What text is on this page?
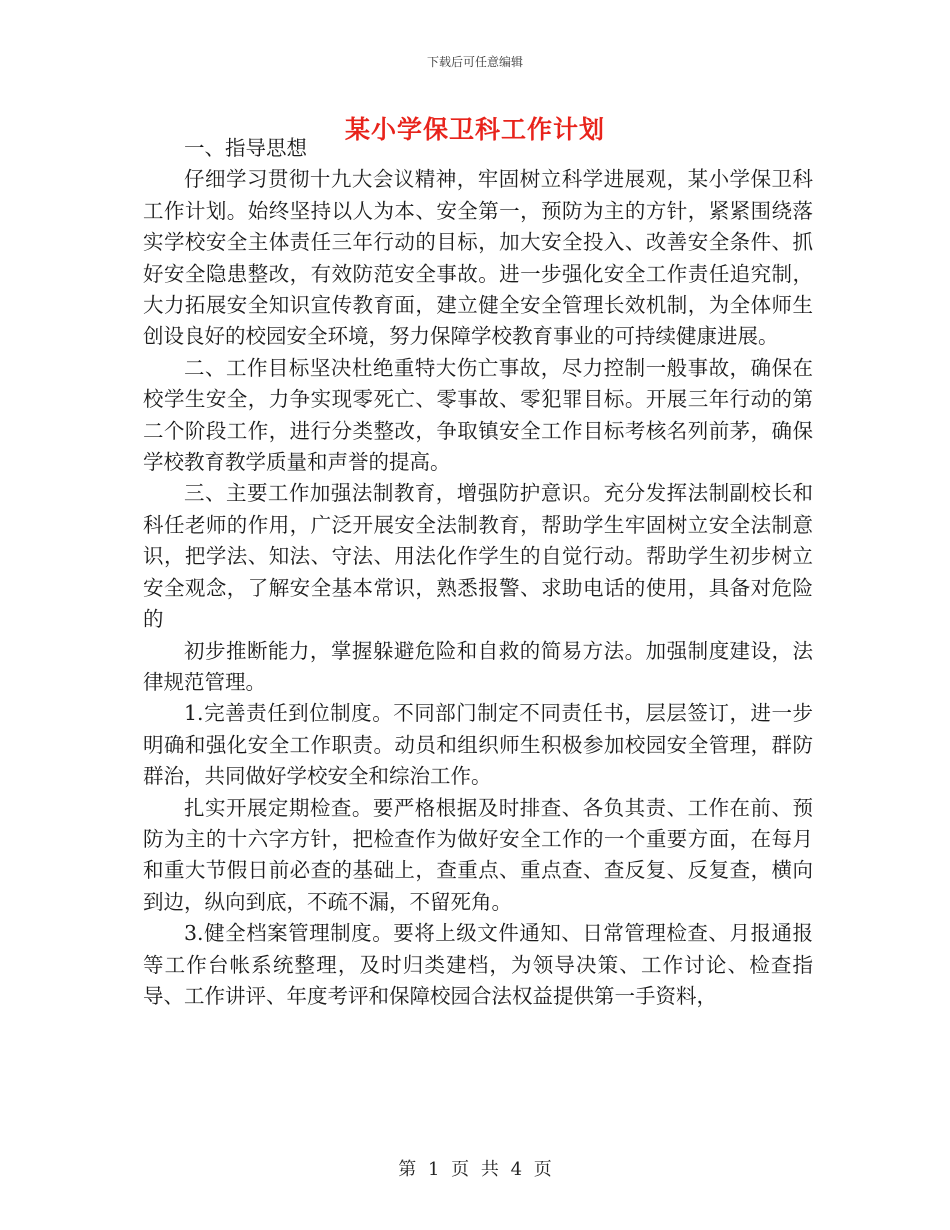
下载后可任意编辑
某小学保卫科工作计划

一、指导思想

仔细学习贯彻十九大会议精神，牢固树立科学进展观，某小学保卫科工作计划。始终坚持以人为本、安全第一，预防为主的方针，紧紧围绕落实学校安全主体责任三年行动的目标，加大安全投入、改善安全条件、抓好安全隐患整改，有效防范安全事故。进一步强化安全工作责任追究制，大力拓展安全知识宣传教育面，建立健全安全管理长效机制，为全体师生创设良好的校园安全环境，努力保障学校教育事业的可持续健康进展。

二、工作目标坚决杜绝重特大伤亡事故，尽力控制一般事故，确保在校学生安全，力争实现零死亡、零事故、零犯罪目标。开展三年行动的第二个阶段工作，进行分类整改，争取镇安全工作目标考核名列前茅，确保学校教育教学质量和声誉的提高。

三、主要工作加强法制教育，增强防护意识。充分发挥法制副校长和科任老师的作用，广泛开展安全法制教育，帮助学生牢固树立安全法制意识，把学法、知法、守法、用法化作学生的自觉行动。帮助学生初步树立安全观念，了解安全基本常识，熟悉报警、求助电话的使用，具备对危险的

初步推断能力，掌握躲避危险和自救的简易方法。加强制度建设，法律规范管理。

1.完善责任到位制度。不同部门制定不同责任书，层层签订，进一步明确和强化安全工作职责。动员和组织师生积极参加校园安全管理，群防群治，共同做好学校安全和综治工作。

扎实开展定期检查。要严格根据及时排查、各负其责、工作在前、预防为主的十六字方针，把检查作为做好安全工作的一个重要方面，在每月和重大节假日前必查的基础上，查重点、重点查、查反复、反复查，横向到边，纵向到底，不疏不漏，不留死角。

3.健全档案管理制度。要将上级文件通知、日常管理检查、月报通报等工作台帐系统整理，及时归类建档，为领导决策、工作讨论、检查指导、工作讲评、年度考评和保障校园合法权益提供第一手资料，

第 1 页 共 4 页
